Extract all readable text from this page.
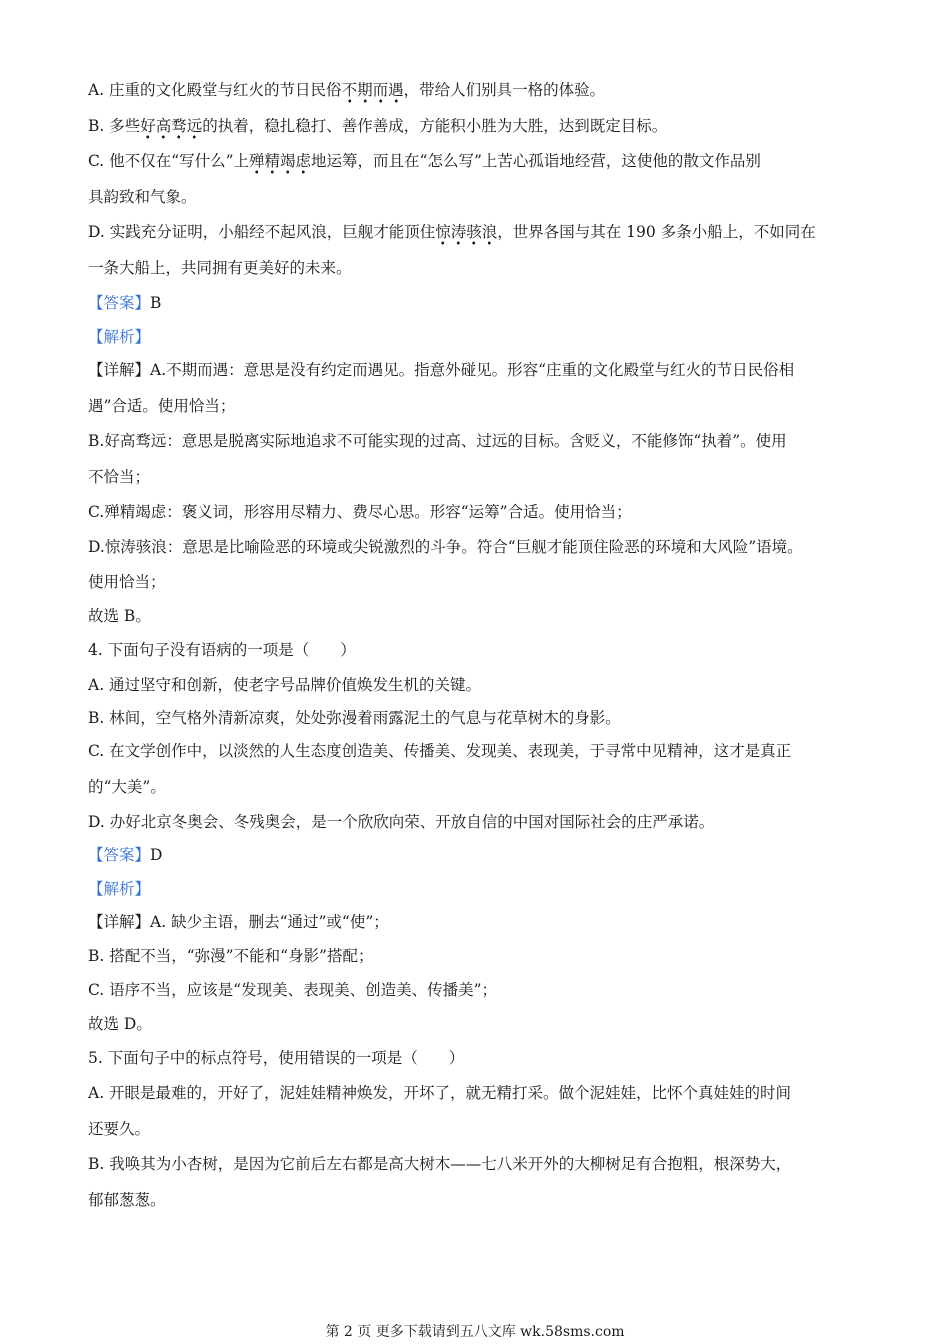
A. 庄重的文化殿堂与红火的节日民俗不期而遇，带给人们别具一格的体验。
B. 多些好高骛远的执着，稳扎稳打、善作善成，方能积小胜为大胜，达到既定目标。
C. 他不仅在“写什么”上殚精竭虑地运筹，而且在“怎么写”上苦心孤诣地经营，这使他的散文作品别
具韵致和气象。
D. 实践充分证明，小船经不起风浪，巨舰才能顶住惊涛骇浪，世界各国与其在 190 多条小船上，不如同在
一条大船上，共同拥有更美好的未来。
【答案】B
【解析】
【详解】A.不期而遇：意思是没有约定而遇见。指意外碰见。形容“庄重的文化殿堂与红火的节日民俗相
遇”合适。使用恰当；
B.好高骛远：意思是脱离实际地追求不可能实现的过高、过远的目标。含贬义，不能修饰“执着”。使用
不恰当；
C.殚精竭虑：褒义词，形容用尽精力、费尽心思。形容“运筹”合适。使用恰当；
D.惊涛骇浪：意思是比喻险恶的环境或尖锐激烈的斗争。符合“巨舰才能顶住险恶的环境和大风险”语境。
使用恰当；
故选 B。
4. 下面句子没有语病的一项是（　　）
A. 通过坚守和创新，使老字号品牌价值焕发生机的关键。
B. 林间，空气格外清新凉爽，处处弥漫着雨露泥土的气息与花草树木的身影。
C. 在文学创作中，以淡然的人生态度创造美、传播美、发现美、表现美，于寻常中见精神，这才是真正
的“大美”。
D. 办好北京冬奥会、冬残奥会，是一个欣欣向荣、开放自信的中国对国际社会的庄严承诺。
【答案】D
【解析】
【详解】A. 缺少主语，删去“通过”或“使”；
B. 搭配不当，“弥漫”不能和“身影”搭配；
C. 语序不当，应该是“发现美、表现美、创造美、传播美”；
故选 D。
5. 下面句子中的标点符号，使用错误的一项是（　　）
A. 开眼是最难的，开好了，泥娃娃精神焕发，开坏了，就无精打采。做个泥娃娃，比怀个真娃娃的时间
还要久。
B. 我唤其为小杏树，是因为它前后左右都是高大树木——七八米开外的大柳树足有合抱粗，根深势大，
郁郁葱葱。
第 2 页 更多下载请到五八文库 wk.58sms.com
